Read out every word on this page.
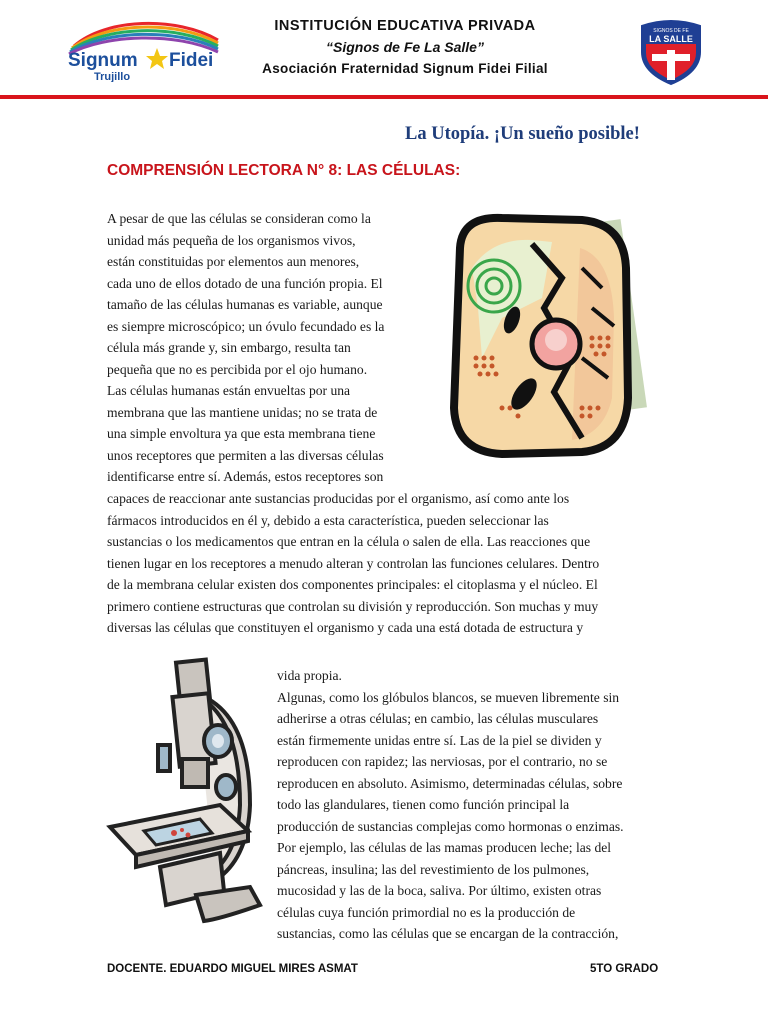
Signum Fidei
Trujillo
INSTITUCIÓN EDUCATIVA PRIVADA
“Signos de Fe La Salle”
Asociación Fraternidad Signum Fidei Filial
SIGNOS DE FE
LA SALLE
La Utopía. ¡Un sueño posible!
COMPRENSIÓN LECTORA N° 8: LAS CÉLULAS:
A pesar de que las células se consideran como la
unidad más pequeña de los organismos vivos,
están constituidas por elementos aun menores,
cada uno de ellos dotado de una función propia. El
tamaño de las células humanas es variable, aunque
es siempre microscópico; un óvulo fecundado es la
célula más grande y, sin embargo, resulta tan
pequeña que no es percibida por el ojo humano.
Las células humanas están envueltas por una
membrana que las mantiene unidas; no se trata de
una simple envoltura ya que esta membrana tiene
unos receptores que permiten a las diversas células
identificarse entre sí. Además, estos receptores son
capaces de reaccionar ante sustancias producidas por el organismo, así como ante los
fármacos introducidos en él y, debido a esta característica, pueden seleccionar las
sustancias o los medicamentos que entran en la célula o salen de ella. Las reacciones que
tienen lugar en los receptores a menudo alteran y controlan las funciones celulares. Dentro
de la membrana celular existen dos componentes principales: el citoplasma y el núcleo. El
primero contiene estructuras que controlan su división y reproducción. Son muchas y muy
diversas las células que constituyen el organismo y cada una está dotada de estructura y
vida propia.
Algunas, como los glóbulos blancos, se mueven libremente sin
adherirse a otras células; en cambio, las células musculares
están firmemente unidas entre sí. Las de la piel se dividen y
reproducen con rapidez; las nerviosas, por el contrario, no se
reproducen en absoluto. Asimismo, determinadas células, sobre
todo las glandulares, tienen como función principal la
producción de sustancias complejas como hormonas o enzimas.
Por ejemplo, las células de las mamas producen leche; las del
páncreas, insulina; las del revestimiento de los pulmones,
mucosidad y las de la boca, saliva. Por último, existen otras
células cuya función primordial no es la producción de
sustancias, como las células que se encargan de la contracción,
DOCENTE. EDUARDO MIGUEL MIRES ASMAT	5TO GRADO
